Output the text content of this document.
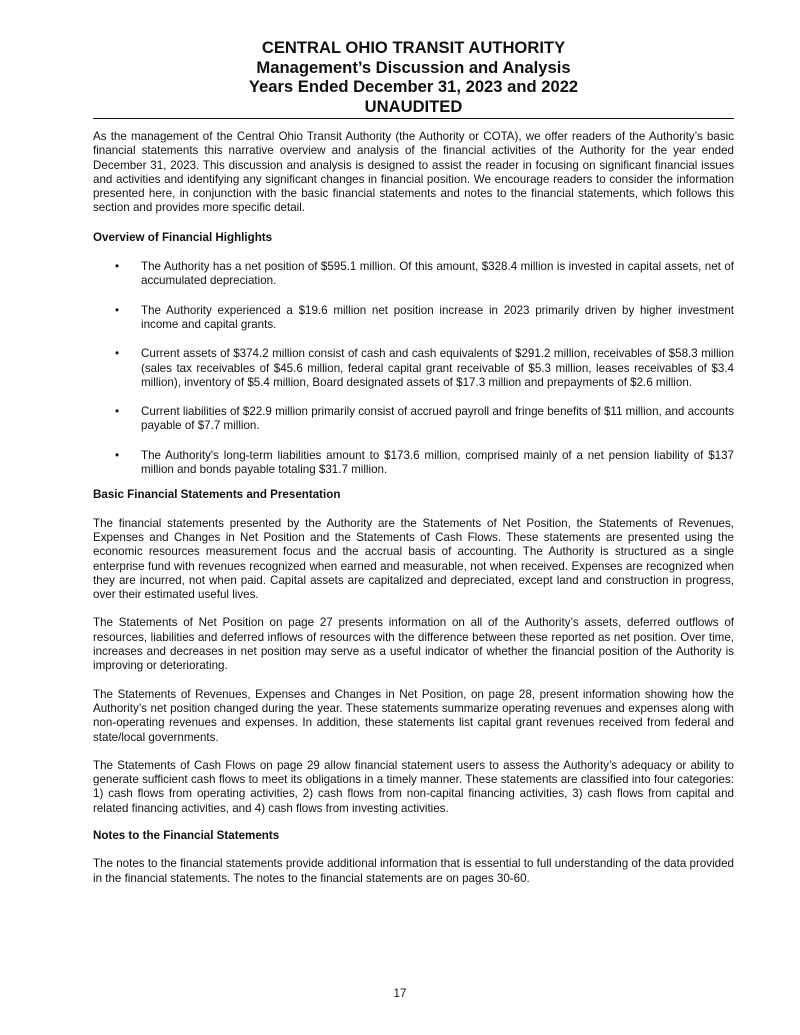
CENTRAL OHIO TRANSIT AUTHORITY
Management’s Discussion and Analysis
Years Ended December 31, 2023 and 2022
UNAUDITED

As the management of the Central Ohio Transit Authority (the Authority or COTA), we offer readers of the Authority’s basic financial statements this narrative overview and analysis of the financial activities of the Authority for the year ended December 31, 2023. This discussion and analysis is designed to assist the reader in focusing on significant financial issues and activities and identifying any significant changes in financial position. We encourage readers to consider the information presented here, in conjunction with the basic financial statements and notes to the financial statements, which follows this section and provides more specific detail.

Overview of Financial Highlights
• The Authority has a net position of $595.1 million. Of this amount, $328.4 million is invested in capital assets, net of accumulated depreciation.
• The Authority experienced a $19.6 million net position increase in 2023 primarily driven by higher investment income and capital grants.
• Current assets of $374.2 million consist of cash and cash equivalents of $291.2 million, receivables of $58.3 million (sales tax receivables of $45.6 million, federal capital grant receivable of $5.3 million, leases receivables of $3.4 million), inventory of $5.4 million, Board designated assets of $17.3 million and prepayments of $2.6 million.
• Current liabilities of $22.9 million primarily consist of accrued payroll and fringe benefits of $11 million, and accounts payable of $7.7 million.
• The Authority's long-term liabilities amount to $173.6 million, comprised mainly of a net pension liability of $137 million and bonds payable totaling $31.7 million.
Basic Financial Statements and Presentation

The financial statements presented by the Authority are the Statements of Net Position, the Statements of Revenues, Expenses and Changes in Net Position and the Statements of Cash Flows. These statements are presented using the economic resources measurement focus and the accrual basis of accounting. The Authority is structured as a single enterprise fund with revenues recognized when earned and measurable, not when received. Expenses are recognized when they are incurred, not when paid. Capital assets are capitalized and depreciated, except land and construction in progress, over their estimated useful lives.

The Statements of Net Position on page 27 presents information on all of the Authority’s assets, deferred outflows of resources, liabilities and deferred inflows of resources with the difference between these reported as net position. Over time, increases and decreases in net position may serve as a useful indicator of whether the financial position of the Authority is improving or deteriorating.

The Statements of Revenues, Expenses and Changes in Net Position, on page 28, present information showing how the Authority’s net position changed during the year. These statements summarize operating revenues and expenses along with non-operating revenues and expenses. In addition, these statements list capital grant revenues received from federal and state/local governments.

The Statements of Cash Flows on page 29 allow financial statement users to assess the Authority’s adequacy or ability to generate sufficient cash flows to meet its obligations in a timely manner. These statements are classified into four categories: 1) cash flows from operating activities, 2) cash flows from non-capital financing activities, 3) cash flows from capital and related financing activities, and 4) cash flows from investing activities.

Notes to the Financial Statements

The notes to the financial statements provide additional information that is essential to full understanding of the data provided in the financial statements. The notes to the financial statements are on pages 30-60.

17
